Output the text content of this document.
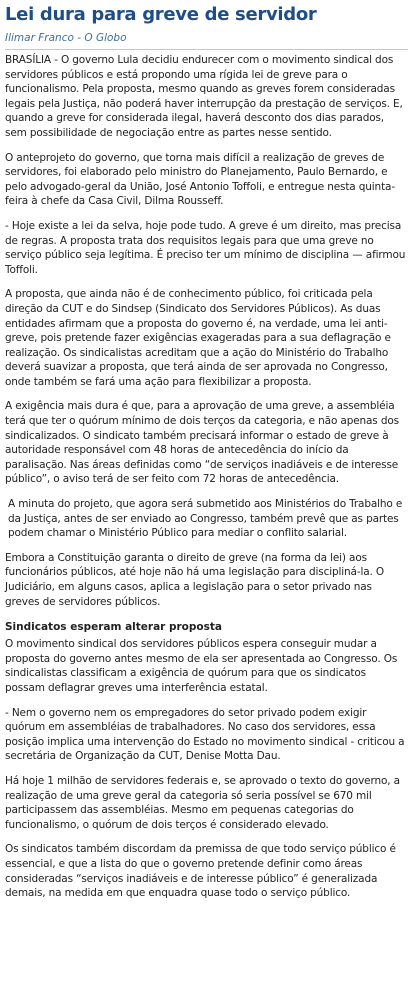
Lei dura para greve de servidor

Ilimar Franco - O Globo

BRASÍLIA - O governo Lula decidiu endurecer com o movimento sindical dos servidores públicos e está propondo uma rígida lei de greve para o funcionalismo. Pela proposta, mesmo quando as greves forem consideradas legais pela Justiça, não poderá haver interrupção da prestação de serviços. E, quando a greve for considerada ilegal, haverá desconto dos dias parados, sem possibilidade de negociação entre as partes nesse sentido.

O anteprojeto do governo, que torna mais difícil a realização de greves de servidores, foi elaborado pelo ministro do Planejamento, Paulo Bernardo, e pelo advogado-geral da União, José Antonio Toffoli, e entregue nesta quinta-feira à chefe da Casa Civil, Dilma Rousseff.

- Hoje existe a lei da selva, hoje pode tudo. A greve é um direito, mas precisa de regras. A proposta trata dos requisitos legais para que uma greve no serviço público seja legítima. É preciso ter um mínimo de disciplina — afirmou Toffoli.

A proposta, que ainda não é de conhecimento público, foi criticada pela direção da CUT e do Sindsep (Sindicato dos Servidores Públicos). As duas entidades afirmam que a proposta do governo é, na verdade, uma lei anti-greve, pois pretende fazer exigências exageradas para a sua deflagração e realização. Os sindicalistas acreditam que a ação do Ministério do Trabalho deverá suavizar a proposta, que terá ainda de ser aprovada no Congresso, onde também se fará uma ação para flexibilizar a proposta.

A exigência mais dura é que, para a aprovação de uma greve, a assembléia terá que ter o quórum mínimo de dois terços da categoria, e não apenas dos sindicalizados. O sindicato também precisará informar o estado de greve à autoridade responsável com 48 horas de antecedência do início da paralisação. Nas áreas definidas como “de serviços inadiáveis e de interesse público”, o aviso terá de ser feito com 72 horas de antecedência.

A minuta do projeto, que agora será submetido aos Ministérios do Trabalho e da Justiça, antes de ser enviado ao Congresso, também prevê que as partes podem chamar o Ministério Público para mediar o conflito salarial.

Embora a Constituição garanta o direito de greve (na forma da lei) aos funcionários públicos, até hoje não há uma legislação para discipliná-la. O Judiciário, em alguns casos, aplica a legislação para o setor privado nas greves de servidores públicos.

Sindicatos esperam alterar proposta

O movimento sindical dos servidores públicos espera conseguir mudar a proposta do governo antes mesmo de ela ser apresentada ao Congresso. Os sindicalistas classificam a exigência de quórum para que os sindicatos possam deflagrar greves uma interferência estatal.

- Nem o governo nem os empregadores do setor privado podem exigir quórum em assembléias de trabalhadores. No caso dos servidores, essa posição implica uma intervenção do Estado no movimento sindical - criticou a secretária de Organização da CUT, Denise Motta Dau.

Há hoje 1 milhão de servidores federais e, se aprovado o texto do governo, a realização de uma greve geral da categoria só seria possível se 670 mil participassem das assembléias. Mesmo em pequenas categorias do funcionalismo, o quórum de dois terços é considerado elevado.

Os sindicatos também discordam da premissa de que todo serviço público é essencial, e que a lista do que o governo pretende definir como áreas consideradas “serviços inadiáveis e de interesse público” é generalizada demais, na medida em que enquadra quase todo o serviço público.
